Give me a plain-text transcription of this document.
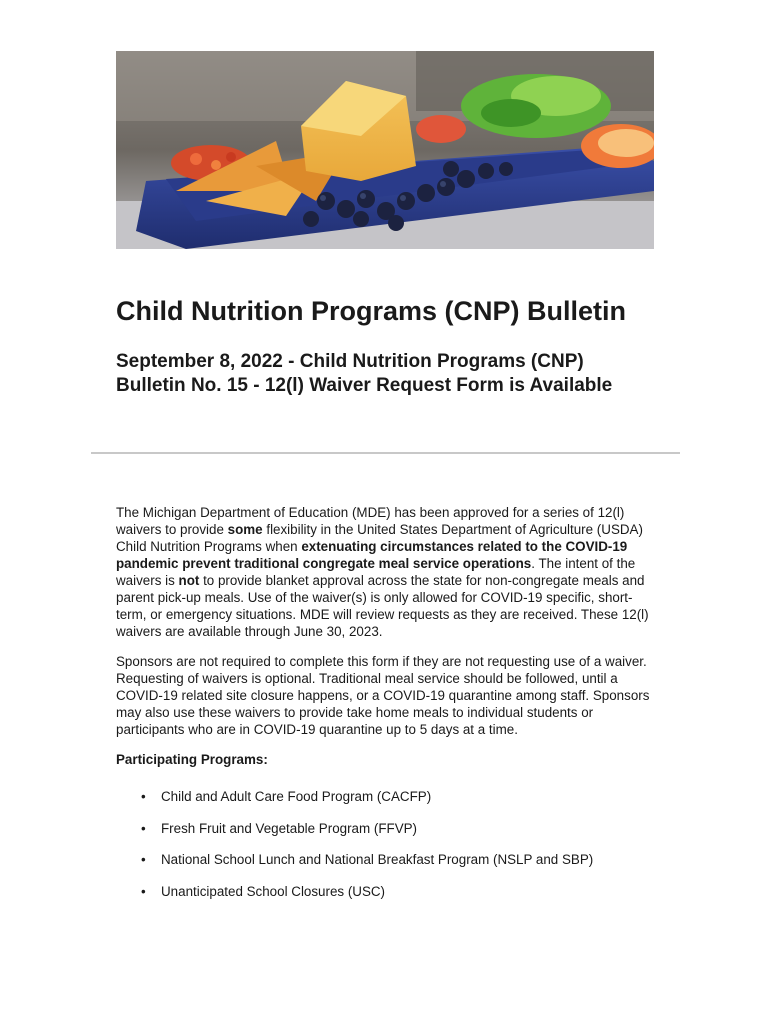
Child Nutrition Programs (CNP) Bulletin
September 8, 2022 - Child Nutrition Programs (CNP) Bulletin No. 15 - 12(l) Waiver Request Form is Available

The Michigan Department of Education (MDE) has been approved for a series of 12(l) waivers to provide some flexibility in the United States Department of Agriculture (USDA) Child Nutrition Programs when extenuating circumstances related to the COVID-19 pandemic prevent traditional congregate meal service operations. The intent of the waivers is not to provide blanket approval across the state for non-congregate meals and parent pick-up meals. Use of the waiver(s) is only allowed for COVID-19 specific, short-term, or emergency situations. MDE will review requests as they are received. These 12(l) waivers are available through June 30, 2023.

Sponsors are not required to complete this form if they are not requesting use of a waiver. Requesting of waivers is optional. Traditional meal service should be followed, until a COVID-19 related site closure happens, or a COVID-19 quarantine among staff. Sponsors may also use these waivers to provide take home meals to individual students or participants who are in COVID-19 quarantine up to 5 days at a time.

Participating Programs:

• Child and Adult Care Food Program (CACFP)
• Fresh Fruit and Vegetable Program (FFVP)
• National School Lunch and National Breakfast Program (NSLP and SBP)
• Unanticipated School Closures (USC)
